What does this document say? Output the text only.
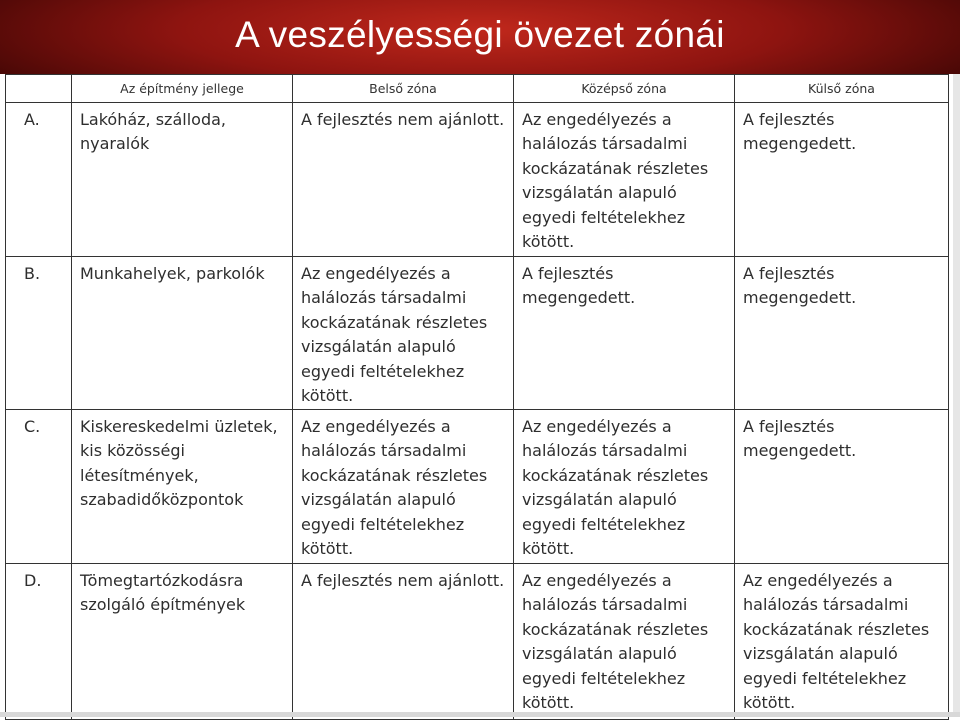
A veszélyességi övezet zónái
	Az építmény jellege	Belső zóna	Középső zóna	Külső zóna
A.	Lakóház, szálloda, nyaralók	A fejlesztés nem ajánlott.	Az engedélyezés a halálozás társadalmi kockázatának részletes vizsgálatán alapuló egyedi feltételekhez kötött.	A fejlesztés megengedett.
B.	Munkahelyek, parkolók	Az engedélyezés a halálozás társadalmi kockázatának részletes vizsgálatán alapuló egyedi feltételekhez kötött.	A fejlesztés megengedett.	A fejlesztés megengedett.
C.	Kiskereskedelmi üzletek, kis közösségi létesítmények, szabadidőközpontok	Az engedélyezés a halálozás társadalmi kockázatának részletes vizsgálatán alapuló egyedi feltételekhez kötött.	Az engedélyezés a halálozás társadalmi kockázatának részletes vizsgálatán alapuló egyedi feltételekhez kötött.	A fejlesztés megengedett.
D.	Tömegtartózkodásra szolgáló építmények	A fejlesztés nem ajánlott.	Az engedélyezés a halálozás társadalmi kockázatának részletes vizsgálatán alapuló egyedi feltételekhez kötött.	Az engedélyezés a halálozás társadalmi kockázatának részletes vizsgálatán alapuló egyedi feltételekhez kötött.
